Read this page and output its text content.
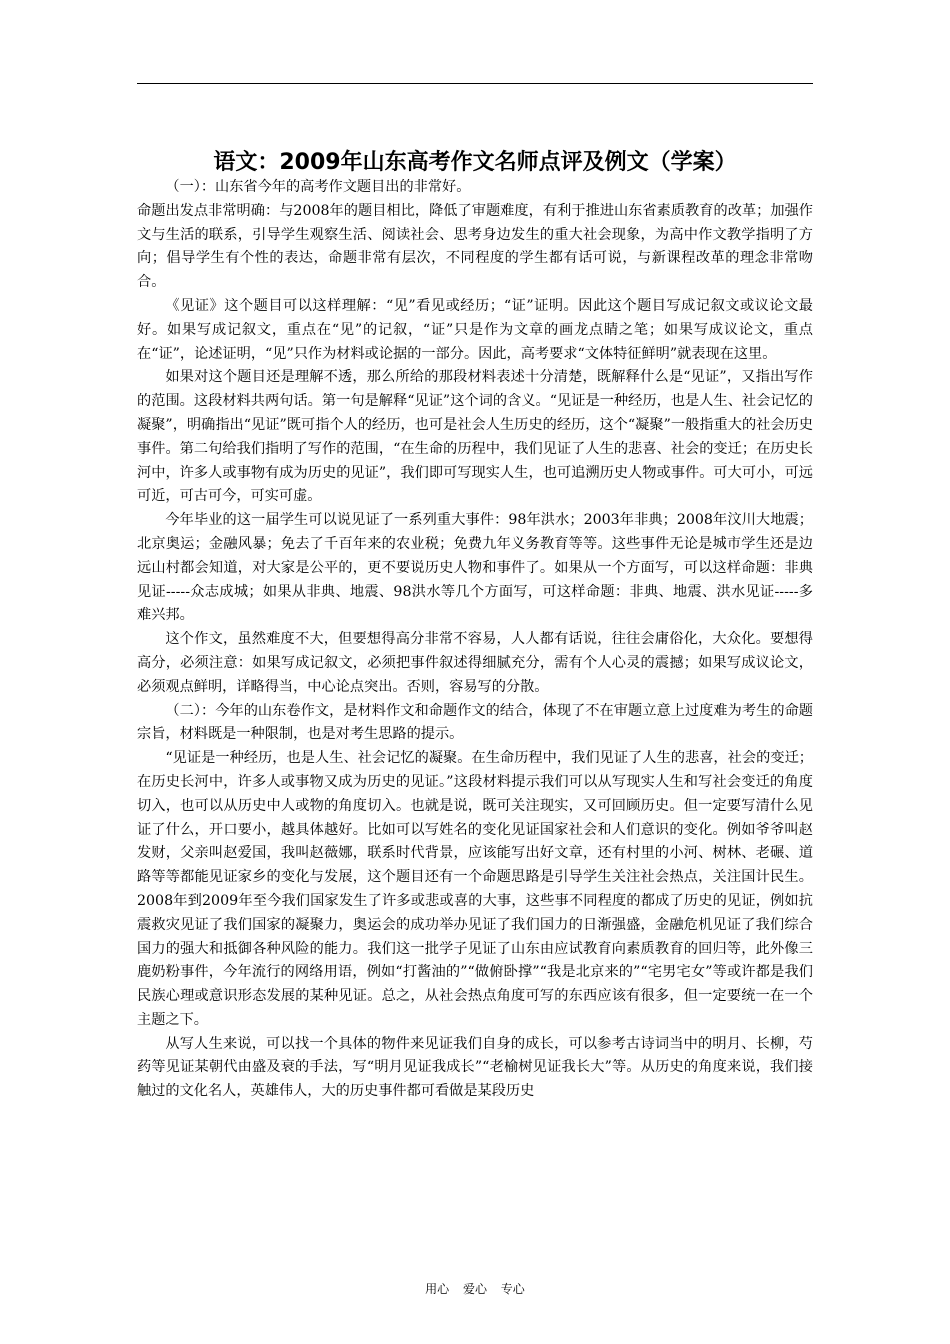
语文：2009年山东高考作文名师点评及例文（学案）

（一）：山东省今年的高考作文题目出的非常好。

命题出发点非常明确：与2008年的题目相比，降低了审题难度，有利于推进山东省素质教育的改革；加强作文与生活的联系，引导学生观察生活、阅读社会、思考身边发生的重大社会现象，为高中作文教学指明了方向；倡导学生有个性的表达，命题非常有层次，不同程度的学生都有话可说，与新课程改革的理念非常吻合。

《见证》这个题目可以这样理解：“见”看见或经历；“证”证明。因此这个题目写成记叙文或议论文最好。如果写成记叙文，重点在“见”的记叙，“证”只是作为文章的画龙点睛之笔；如果写成议论文，重点在“证”，论述证明，“见”只作为材料或论据的一部分。因此，高考要求“文体特征鲜明”就表现在这里。

如果对这个题目还是理解不透，那么所给的那段材料表述十分清楚，既解释什么是“见证”，又指出写作的范围。这段材料共两句话。第一句是解释“见证”这个词的含义。“见证是一种经历，也是人生、社会记忆的凝聚”，明确指出“见证”既可指个人的经历，也可是社会人生历史的经历，这个“凝聚”一般指重大的社会历史事件。第二句给我们指明了写作的范围，“在生命的历程中，我们见证了人生的悲喜、社会的变迁；在历史长河中，许多人或事物有成为历史的见证”，我们即可写现实人生，也可追溯历史人物或事件。可大可小，可远可近，可古可今，可实可虚。

今年毕业的这一届学生可以说见证了一系列重大事件：98年洪水；2003年非典；2008年汶川大地震；北京奥运；金融风暴；免去了千百年来的农业税；免费九年义务教育等等。这些事件无论是城市学生还是边远山村都会知道，对大家是公平的，更不要说历史人物和事件了。如果从一个方面写，可以这样命题：非典见证-----众志成城；如果从非典、地震、98洪水等几个方面写，可这样命题：非典、地震、洪水见证-----多难兴邦。

这个作文，虽然难度不大，但要想得高分非常不容易，人人都有话说，往往会庸俗化，大众化。要想得高分，必须注意：如果写成记叙文，必须把事件叙述得细腻充分，需有个人心灵的震撼；如果写成议论文，必须观点鲜明，详略得当，中心论点突出。否则，容易写的分散。

（二）：今年的山东卷作文，是材料作文和命题作文的结合，体现了不在审题立意上过度难为考生的命题宗旨，材料既是一种限制，也是对考生思路的提示。

“见证是一种经历，也是人生、社会记忆的凝聚。在生命历程中，我们见证了人生的悲喜，社会的变迁；在历史长河中，许多人或事物又成为历史的见证。”这段材料提示我们可以从写现实人生和写社会变迁的角度切入，也可以从历史中人或物的角度切入。也就是说，既可关注现实，又可回顾历史。但一定要写清什么见证了什么，开口要小，越具体越好。比如可以写姓名的变化见证国家社会和人们意识的变化。例如爷爷叫赵发财，父亲叫赵爱国，我叫赵薇娜，联系时代背景，应该能写出好文章，还有村里的小河、树林、老碾、道路等等都能见证家乡的变化与发展，这个题目还有一个命题思路是引导学生关注社会热点，关注国计民生。2008年到2009年至今我们国家发生了许多或悲或喜的大事，这些事不同程度的都成了历史的见证，例如抗震救灾见证了我们国家的凝聚力，奥运会的成功举办见证了我们国力的日渐强盛，金融危机见证了我们综合国力的强大和抵御各种风险的能力。我们这一批学子见证了山东由应试教育向素质教育的回归等，此外像三鹿奶粉事件，今年流行的网络用语，例如“打酱油的”“做俯卧撑”“我是北京来的”“宅男宅女”等或许都是我们民族心理或意识形态发展的某种见证。总之，从社会热点角度可写的东西应该有很多，但一定要统一在一个主题之下。

从写人生来说，可以找一个具体的物件来见证我们自身的成长，可以参考古诗词当中的明月、长柳，芍药等见证某朝代由盛及衰的手法，写“明月见证我成长”“老榆树见证我长大”等。从历史的角度来说，我们接触过的文化名人，英雄伟人，大的历史事件都可看做是某段历史

用心 爱心 专心
